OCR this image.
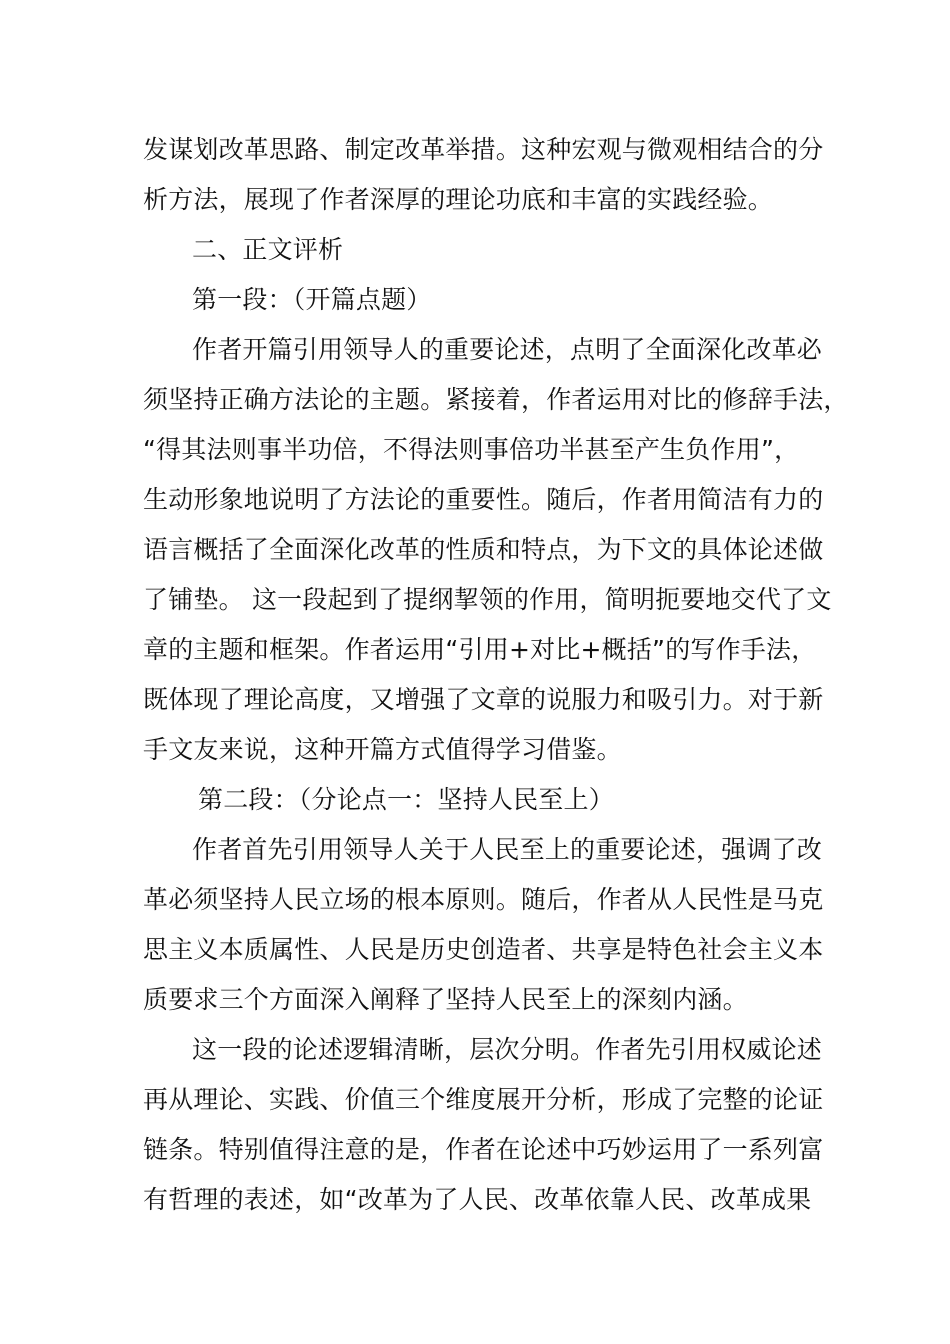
发谋划改革思路、制定改革举措。这种宏观与微观相结合的分
析方法，展现了作者深厚的理论功底和丰富的实践经验。
二、正文评析
第一段：（开篇点题）
作者开篇引用领导人的重要论述，点明了全面深化改革必
须坚持正确方法论的主题。紧接着，作者运用对比的修辞手法，
“得其法则事半功倍，不得法则事倍功半甚至产生负作用”，
生动形象地说明了方法论的重要性。随后，作者用简洁有力的
语言概括了全面深化改革的性质和特点，为下文的具体论述做
了铺垫。 这一段起到了提纲挈领的作用，简明扼要地交代了文
章的主题和框架。作者运用“引用+对比+概括”的写作手法，
既体现了理论高度，又增强了文章的说服力和吸引力。对于新
手文友来说，这种开篇方式值得学习借鉴。
第二段：（分论点一：坚持人民至上）
作者首先引用领导人关于人民至上的重要论述，强调了改
革必须坚持人民立场的根本原则。随后，作者从人民性是马克
思主义本质属性、人民是历史创造者、共享是特色社会主义本
质要求三个方面深入阐释了坚持人民至上的深刻内涵。
这一段的论述逻辑清晰，层次分明。作者先引用权威论述
再从理论、实践、价值三个维度展开分析，形成了完整的论证
链条。特别值得注意的是，作者在论述中巧妙运用了一系列富
有哲理的表述，如“改革为了人民、改革依靠人民、改革成果
